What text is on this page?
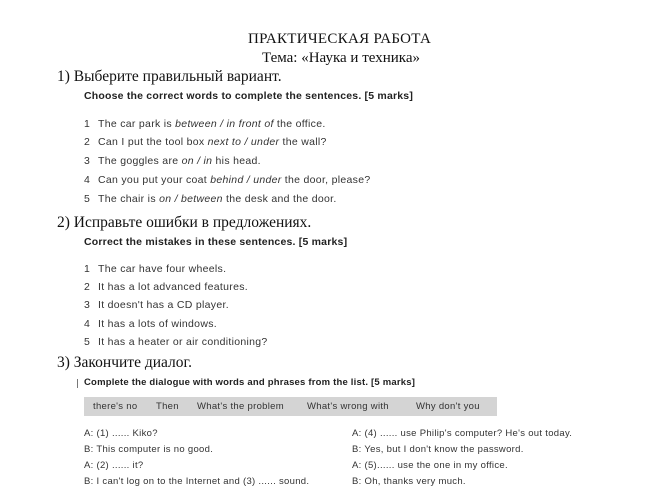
ПРАКТИЧЕСКАЯ РАБОТА
Тема: «Наука и техника»
1) Выберите правильный вариант.
Choose the correct words to complete the sentences. [5 marks]
1 The car park is between / in front of the office.
2 Can I put the tool box next to / under the wall?
3 The goggles are on / in his head.
4 Can you put your coat behind / under the door, please?
5 The chair is on / between the desk and the door.
2) Исправьте ошибки в предложениях.
Correct the mistakes in these sentences. [5 marks]
1 The car have four wheels.
2 It has a lot advanced features.
3 It doesn't has a CD player.
4 It has a lots of windows.
5 It has a heater or air conditioning?
3) Закончите диалог.
Complete the dialogue with words and phrases from the list. [5 marks]
there's no Then What's the problem What's wrong with	Why don't you
A: (1) ...... Kiko?
B: This computer is no good.
A: (2) ...... it?
B: I can't log on to the Internet and (3) ...... sound.
A: (4) ...... use Philip's computer? He's out today.
B: Yes, but I don't know the password.
A: (5)...... use the one in my office.
B: Oh, thanks very much.
